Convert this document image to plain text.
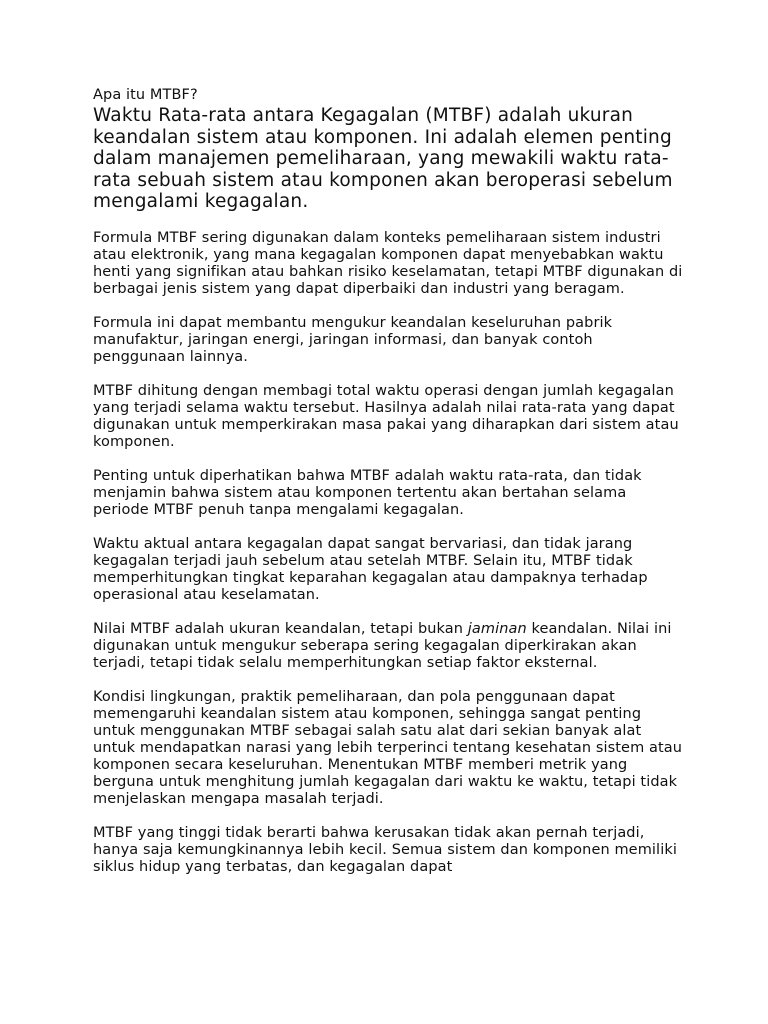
Apa itu MTBF?
Waktu Rata-rata antara Kegagalan (MTBF) adalah ukuran keandalan sistem atau komponen. Ini adalah elemen penting dalam manajemen pemeliharaan, yang mewakili waktu rata-rata sebuah sistem atau komponen akan beroperasi sebelum mengalami kegagalan.

Formula MTBF sering digunakan dalam konteks pemeliharaan sistem industri atau elektronik, yang mana kegagalan komponen dapat menyebabkan waktu henti yang signifikan atau bahkan risiko keselamatan, tetapi MTBF digunakan di berbagai jenis sistem yang dapat diperbaiki dan industri yang beragam.

Formula ini dapat membantu mengukur keandalan keseluruhan pabrik manufaktur, jaringan energi, jaringan informasi, dan banyak contoh penggunaan lainnya.

MTBF dihitung dengan membagi total waktu operasi dengan jumlah kegagalan yang terjadi selama waktu tersebut. Hasilnya adalah nilai rata-rata yang dapat digunakan untuk memperkirakan masa pakai yang diharapkan dari sistem atau komponen.

Penting untuk diperhatikan bahwa MTBF adalah waktu rata-rata, dan tidak menjamin bahwa sistem atau komponen tertentu akan bertahan selama periode MTBF penuh tanpa mengalami kegagalan.

Waktu aktual antara kegagalan dapat sangat bervariasi, dan tidak jarang kegagalan terjadi jauh sebelum atau setelah MTBF. Selain itu, MTBF tidak memperhitungkan tingkat keparahan kegagalan atau dampaknya terhadap operasional atau keselamatan.

Nilai MTBF adalah ukuran keandalan, tetapi bukan jaminan keandalan. Nilai ini digunakan untuk mengukur seberapa sering kegagalan diperkirakan akan terjadi, tetapi tidak selalu memperhitungkan setiap faktor eksternal.

Kondisi lingkungan, praktik pemeliharaan, dan pola penggunaan dapat memengaruhi keandalan sistem atau komponen, sehingga sangat penting untuk menggunakan MTBF sebagai salah satu alat dari sekian banyak alat untuk mendapatkan narasi yang lebih terperinci tentang kesehatan sistem atau komponen secara keseluruhan. Menentukan MTBF memberi metrik yang berguna untuk menghitung jumlah kegagalan dari waktu ke waktu, tetapi tidak menjelaskan mengapa masalah terjadi.

MTBF yang tinggi tidak berarti bahwa kerusakan tidak akan pernah terjadi, hanya saja kemungkinannya lebih kecil. Semua sistem dan komponen memiliki siklus hidup yang terbatas, dan kegagalan dapat
